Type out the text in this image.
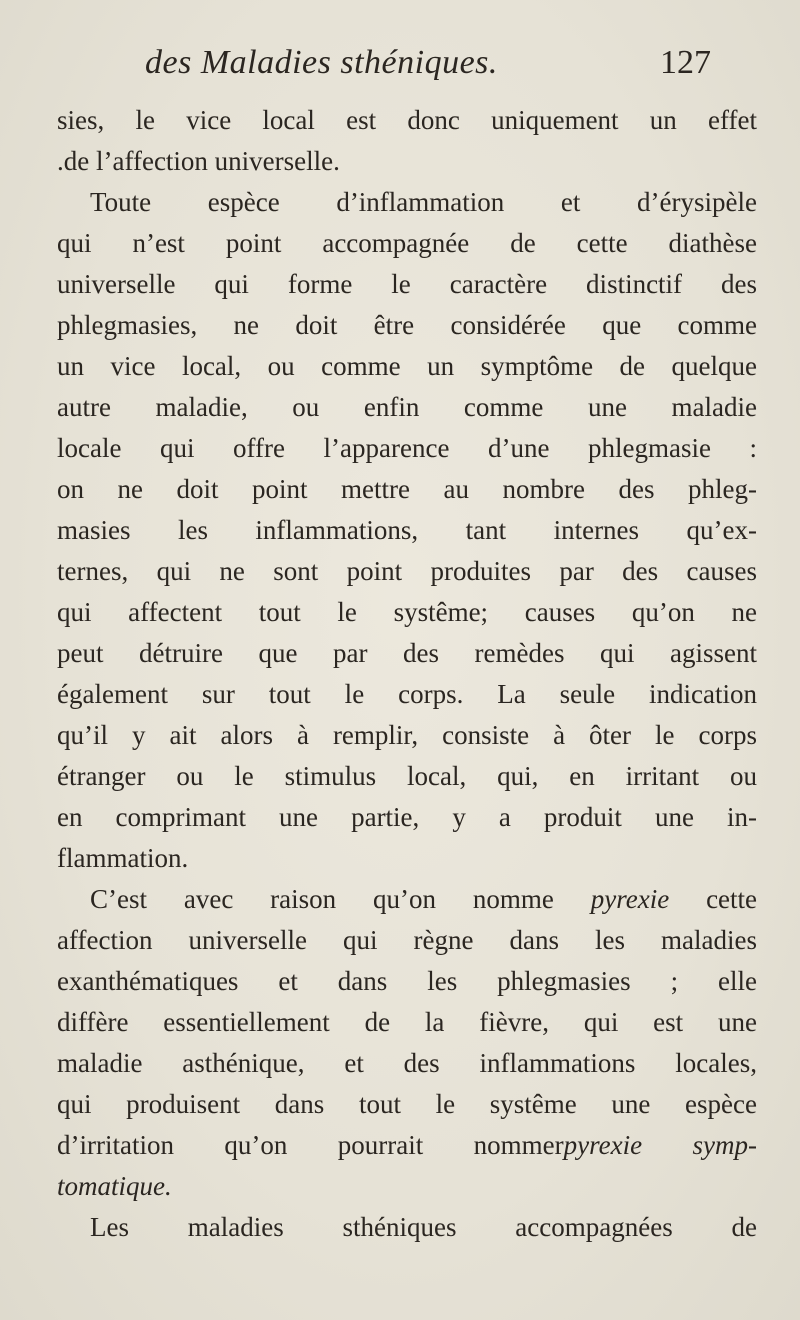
des Maladies sthéniques.	127
sies, le vice local est donc uniquement un effet
.de l’affection universelle.
Toute espèce d’inflammation et d’érysipèle
qui n’est point accompagnée de cette diathèse
universelle qui forme le caractère distinctif des
phlegmasies, ne doit être considérée que comme
un vice local, ou comme un symptôme de quelque
autre maladie, ou enfin comme une maladie
locale qui offre l’apparence d’une phlegmasie :
on ne doit point mettre au nombre des phleg-
masies les inflammations, tant internes qu’ex-
ternes, qui ne sont point produites par des causes
qui affectent tout le systême; causes qu’on ne
peut détruire que par des remèdes qui agissent
également sur tout le corps. La seule indication
qu’il y ait alors à remplir, consiste à ôter le corps
étranger ou le stimulus local, qui, en irritant ou
en comprimant une partie, y a produit une in-
flammation.
C’est avec raison qu’on nomme pyrexie cette
affection universelle qui règne dans les maladies
exanthématiques et dans les phlegmasies ; elle
diffère essentiellement de la fièvre, qui est une
maladie asthénique, et des inflammations locales,
qui produisent dans tout le systême une espèce
d’irritation qu’on pourrait nommerpyrexie symp-
tomatique.
Les maladies sthéniques accompagnées de
